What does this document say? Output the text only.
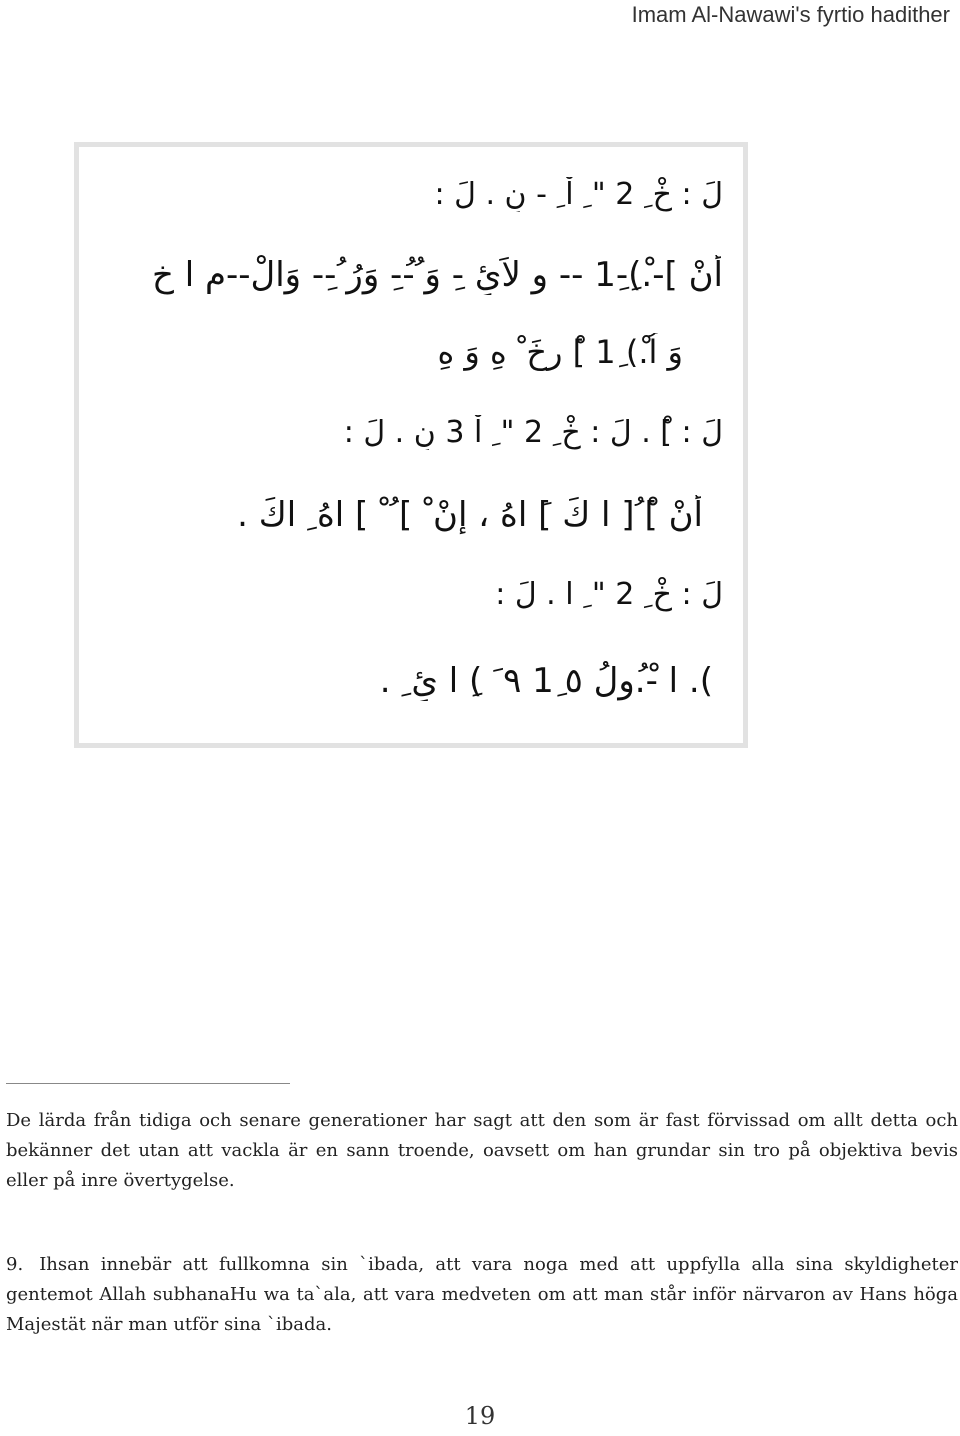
Imam Al-Nawawi's fyrtio hadither
لَ : خْ ِ 2 " ِ اْ ِ - نِ . لَ :
أَنْ ]-.ْ)ِ-1ِ -- وِ لاَئِ -ِ وَ ُ-ُ-ِ وَرُ ُ-ِ- وَالْ--مِ ا خِ
وَ اُ.ْ) 1ِ ]ْ رِخَ ْ هِ وَ هِ
لَ : ]ْ . لَ : خْ ِ 2 " ِ اْ 3 نِ . لَ :
أَنْ ]ْ ُ[ ا كَ ]َ اهُ ، إِنْ ْ ] ُ ْ ] اهُ ِ اكَ .
لَ : خْ ِ 2 " ِ ا . لَ :
). ا -ْ.ُولُ ٥ 1ِ ٩ َ )ِ ا ئِ ِ .
De lärda från tidiga och senare generationer har sagt att den som är fast förvissad om allt detta och bekänner det utan att vackla är en sann troende, oavsett om han grundar sin tro på objektiva bevis eller på inre övertygelse.
9. Ihsan innebär att fullkomna sin `ibada, att vara noga med att uppfylla alla sina skyldigheter gentemot Allah subhanaHu wa ta`ala, att vara medveten om att man står inför närvaron av Hans höga Majestät när man utför sina `ibada.
19
